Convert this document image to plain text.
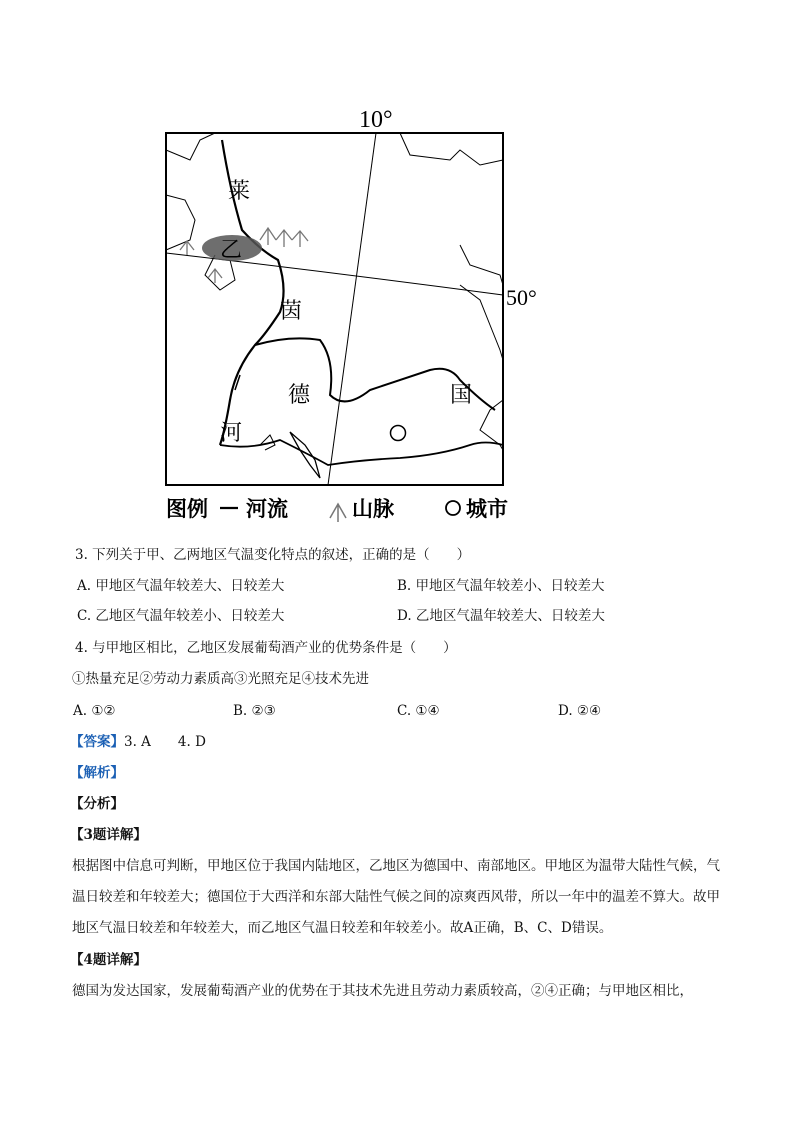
10°
50°
莱
乙
茵
德	国
河
图例 河流	山脉	城市
3. 下列关于甲、乙两地区气温变化特点的叙述，正确的是（　　）
A. 甲地区气温年较差大、日较差大	B. 甲地区气温年较差小、日较差大
C. 乙地区气温年较差小、日较差大	D. 乙地区气温年较差大、日较差大
4. 与甲地区相比，乙地区发展葡萄酒产业的优势条件是（　　）
①热量充足②劳动力素质高③光照充足④技术先进
A. ①②	B. ②③	C. ①④	D. ②④
【答案】3. A　　4. D
【解析】
【分析】
【3题详解】
根据图中信息可判断，甲地区位于我国内陆地区，乙地区为德国中、南部地区。甲地区为温带大陆性气候，气温日较差和年较差大；德国位于大西洋和东部大陆性气候之间的凉爽西风带，所以一年中的温差不算大。故甲地区气温日较差和年较差大，而乙地区气温日较差和年较差小。故A正确，B、C、D错误。
【4题详解】
德国为发达国家，发展葡萄酒产业的优势在于其技术先进且劳动力素质较高，②④正确；与甲地区相比，
